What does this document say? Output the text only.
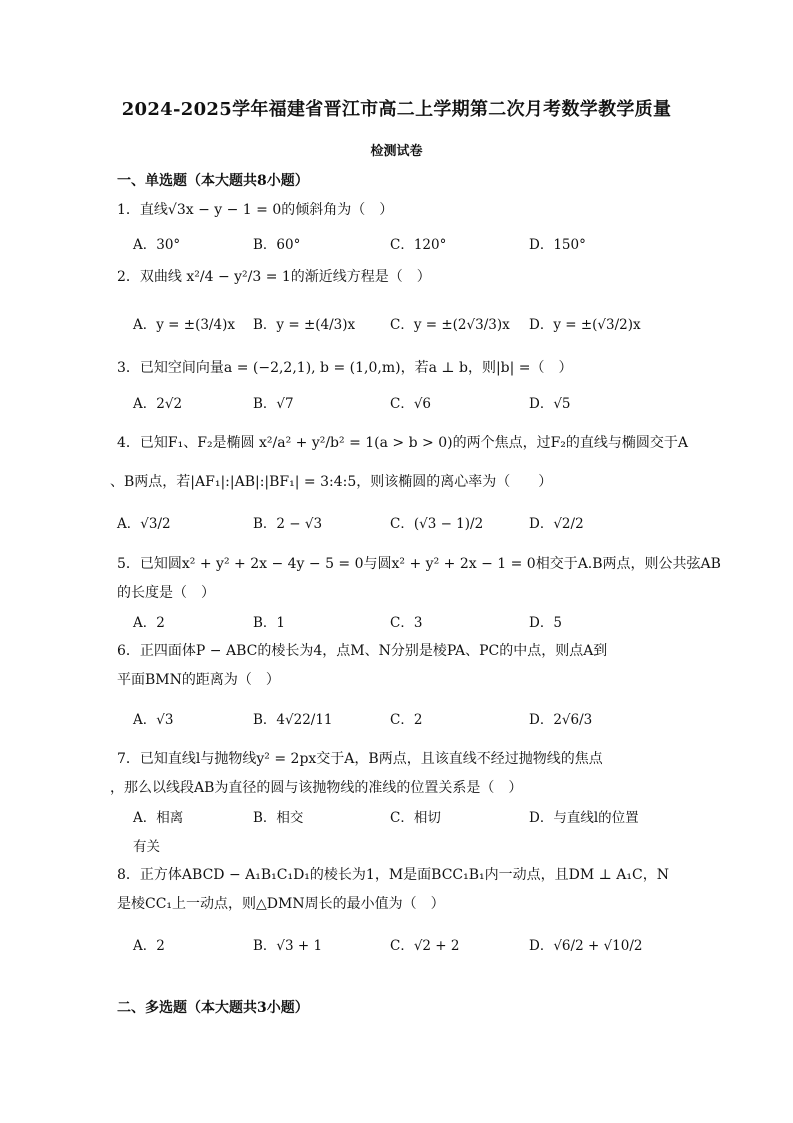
2024-2025学年福建省晋江市高二上学期第二次月考数学教学质量
检测试卷
一、单选题（本大题共8小题）
1．直线√3x − y − 1 = 0的倾斜角为（　）
A．30°	B．60°	C．120°	D．150°
2．双曲线 x²/4 − y²/3 = 1的渐近线方程是（　）
A．y = ±(3/4)x B．y = ±(4/3)x	C．y = ±(2√3/3)x D．y = ±(√3/2)x
3．已知空间向量a = (−2,2,1), b = (1,0,m)，若a ⊥ b，则|b| =（　）
A．2√2	B．√7	C．√6	D．√5
4．已知F₁、F₂是椭圆 x²/a² + y²/b² = 1(a > b > 0)的两个焦点，过F₂的直线与椭圆交于A
、B两点，若|AF₁|:|AB|:|BF₁| = 3:4:5，则该椭圆的离心率为（　　）
A．√3/2	B．2 − √3	C．(√3 − 1)/2	D．√2/2
5．已知圆x² + y² + 2x − 4y − 5 = 0与圆x² + y² + 2x − 1 = 0相交于A.B两点，则公共弦AB
的长度是（　）
A．2	B．1	C．3	D．5
6．正四面体P − ABC的棱长为4，点M、N分别是棱PA、PC的中点，则点A到
平面BMN的距离为（　）
A．√3	B．4√22/11	C．2	D．2√6/3
7．已知直线l与抛物线y² = 2px交于A，B两点，且该直线不经过抛物线的焦点
，那么以线段AB为直径的圆与该抛物线的准线的位置关系是（　）
A．相离	B．相交	C．相切	D．与直线l的位置
有关
8．正方体ABCD − A₁B₁C₁D₁的棱长为1，M是面BCC₁B₁内一动点，且DM ⊥ A₁C，N
是棱CC₁上一动点，则△DMN周长的最小值为（　）
A．2	B．√3 + 1	C．√2 + 2	D．√6/2 + √10/2
二、多选题（本大题共3小题）
